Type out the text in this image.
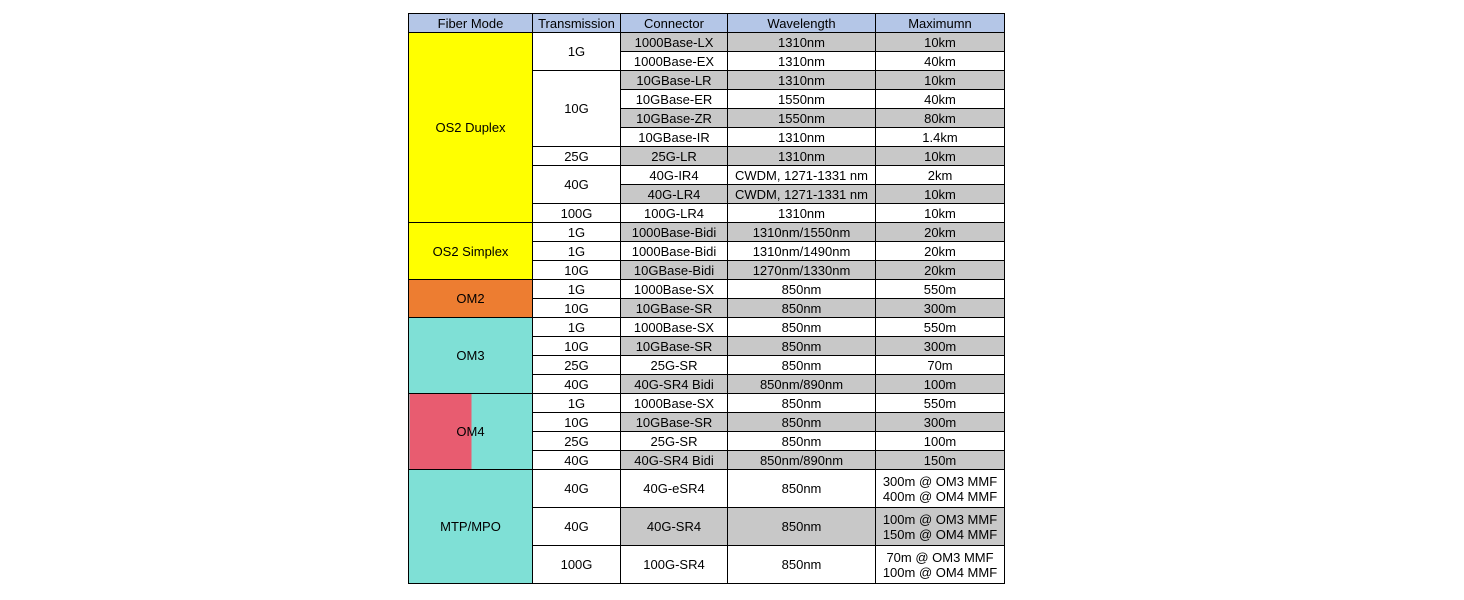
Fiber Mode	Transmission	Connector	Wavelength	Maximumn
OS2 Duplex	1G	1000Base-LX	1310nm	10km
		1000Base-EX	1310nm	40km
	10G	10GBase-LR	1310nm	10km
		10GBase-ER	1550nm	40km
		10GBase-ZR	1550nm	80km
		10GBase-IR	1310nm	1.4km
	25G	25G-LR	1310nm	10km
	40G	40G-IR4	CWDM, 1271-1331 nm	2km
		40G-LR4	CWDM, 1271-1331 nm	10km
	100G	100G-LR4	1310nm	10km
OS2 Simplex	1G	1000Base-Bidi	1310nm/1550nm	20km
	1G	1000Base-Bidi	1310nm/1490nm	20km
	10G	10GBase-Bidi	1270nm/1330nm	20km
OM2	1G	1000Base-SX	850nm	550m
	10G	10GBase-SR	850nm	300m
OM3	1G	1000Base-SX	850nm	550m
	10G	10GBase-SR	850nm	300m
	25G	25G-SR	850nm	70m
	40G	40G-SR4 Bidi	850nm/890nm	100m
OM4	1G	1000Base-SX	850nm	550m
	10G	10GBase-SR	850nm	300m
	25G	25G-SR	850nm	100m
	40G	40G-SR4 Bidi	850nm/890nm	150m
MTP/MPO	40G	40G-eSR4	850nm	300m @ OM3 MMF
400m @ OM4 MMF

	40G	40G-SR4	850nm	100m @ OM3 MMF
150m @ OM4 MMF

	100G	100G-SR4	850nm	70m @ OM3 MMF
100m @ OM4 MMF
